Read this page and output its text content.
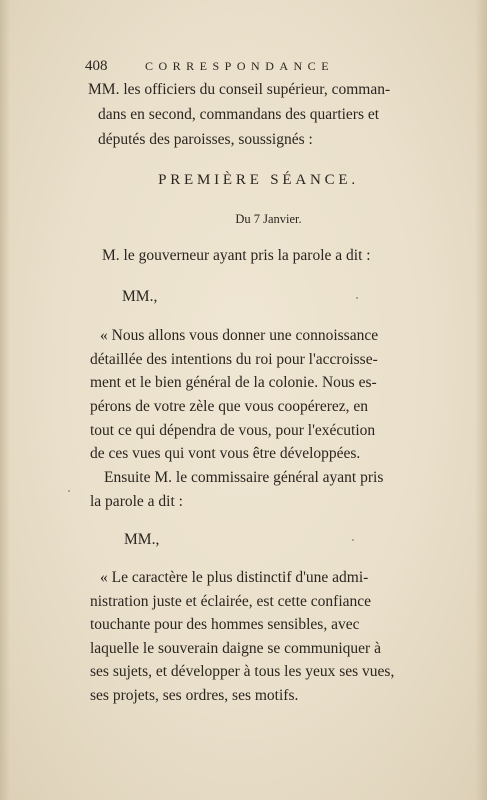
408	CORRESPONDANCE
MM. les officiers du conseil supérieur, comman-
dans en second, commandans des quartiers et
députés des paroisses, soussignés :
PREMIÈRE SÉANCE.
Du 7 Janvier.
M. le gouverneur ayant pris la parole a dit :
MM.,
« Nous allons vous donner une connoissance
détaillée des intentions du roi pour l'accroisse-
ment et le bien général de la colonie. Nous es-
pérons de votre zèle que vous coopérerez, en
tout ce qui dépendra de vous, pour l'exécution
de ces vues qui vont vous être développées.
Ensuite M. le commissaire général ayant pris
la parole a dit :
MM.,
« Le caractère le plus distinctif d'une admi-
nistration juste et éclairée, est cette confiance
touchante pour des hommes sensibles, avec
laquelle le souverain daigne se communiquer à
ses sujets, et développer à tous les yeux ses vues,
ses projets, ses ordres, ses motifs.
